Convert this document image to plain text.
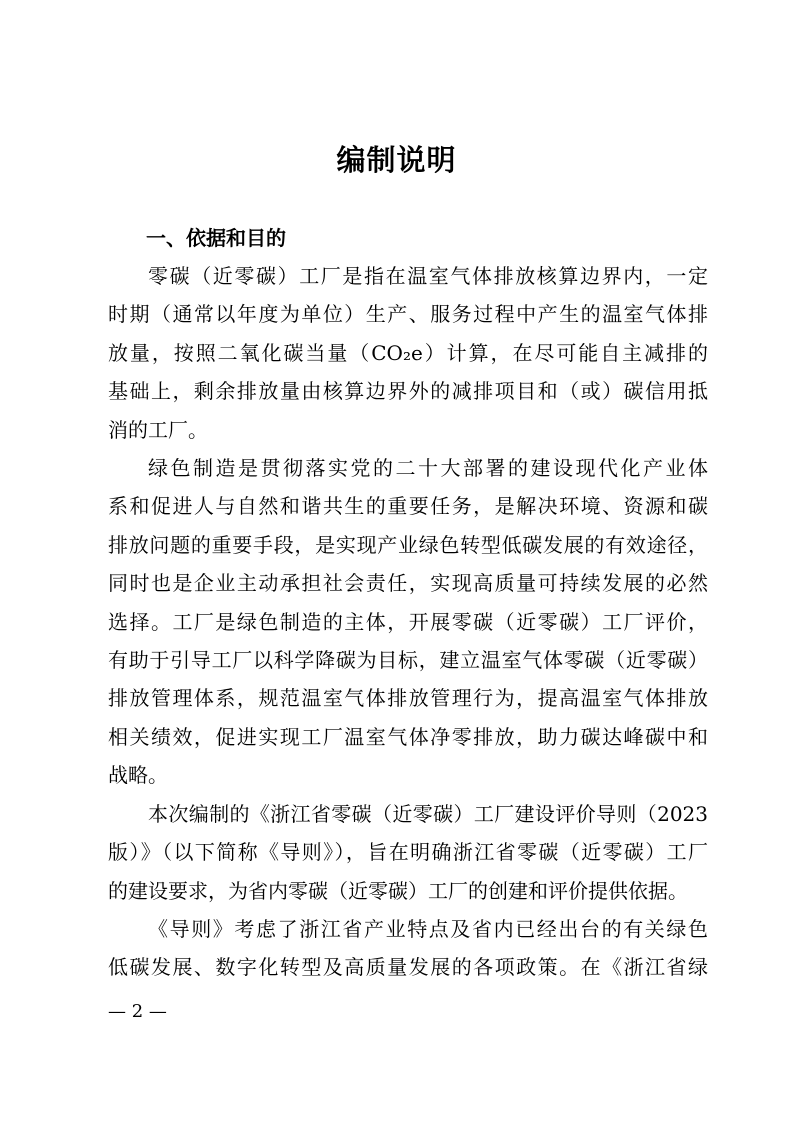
编制说明
一、依据和目的
零碳（近零碳）工厂是指在温室气体排放核算边界内，一定
时期（通常以年度为单位）生产、服务过程中产生的温室气体排
放量，按照二氧化碳当量（CO₂e）计算，在尽可能自主减排的
基础上，剩余排放量由核算边界外的减排项目和（或）碳信用抵
消的工厂。
绿色制造是贯彻落实党的二十大部署的建设现代化产业体
系和促进人与自然和谐共生的重要任务，是解决环境、资源和碳
排放问题的重要手段，是实现产业绿色转型低碳发展的有效途径，
同时也是企业主动承担社会责任，实现高质量可持续发展的必然
选择。工厂是绿色制造的主体，开展零碳（近零碳）工厂评价，
有助于引导工厂以科学降碳为目标，建立温室气体零碳（近零碳）
排放管理体系，规范温室气体排放管理行为，提高温室气体排放
相关绩效，促进实现工厂温室气体净零排放，助力碳达峰碳中和
战略。
本次编制的《浙江省零碳（近零碳）工厂建设评价导则（2023
版）》（以下简称《导则》），旨在明确浙江省零碳（近零碳）工厂
的建设要求，为省内零碳（近零碳）工厂的创建和评价提供依据。
《导则》考虑了浙江省产业特点及省内已经出台的有关绿色
低碳发展、数字化转型及高质量发展的各项政策。在《浙江省绿
— 2 —
